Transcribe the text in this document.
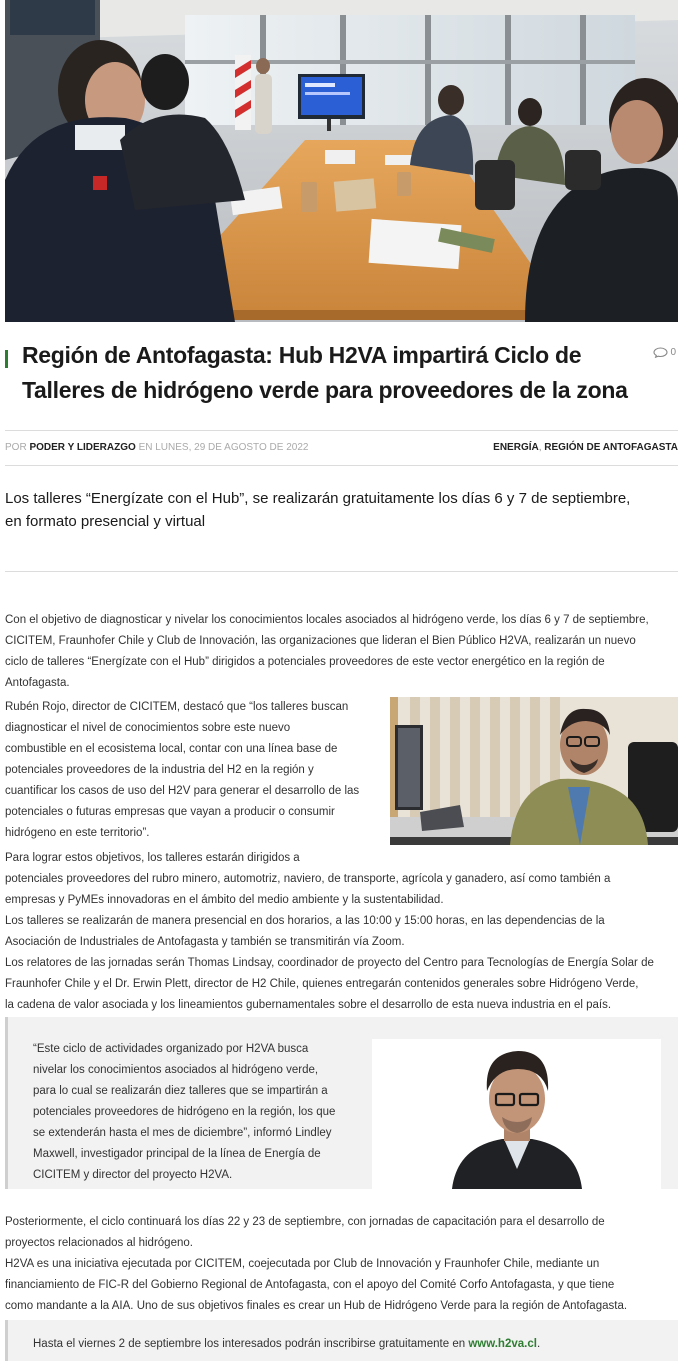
Región de Antofagasta: Hub H2VA impartirá Ciclo de
Talleres de hidrógeno verde para proveedores de la zona
0
POR PODER Y LIDERAZGO EN LUNES, 29 DE AGOSTO DE 2022	ENERGÍA, REGIÓN DE ANTOFAGASTA
Los talleres “Energízate con el Hub”, se realizarán gratuitamente los días 6 y 7 de septiembre,
en formato presencial y virtual
Con el objetivo de diagnosticar y nivelar los conocimientos locales asociados al hidrógeno verde, los días 6 y 7 de septiembre,
CICITEM, Fraunhofer Chile y Club de Innovación, las organizaciones que lideran el Bien Público H2VA, realizarán un nuevo
ciclo de talleres “Energízate con el Hub” dirigidos a potenciales proveedores de este vector energético en la región de
Antofagasta.
Rubén Rojo, director de CICITEM, destacó que “los talleres buscan
diagnosticar el nivel de conocimientos sobre este nuevo
combustible en el ecosistema local, contar con una línea base de
potenciales proveedores de la industria del H2 en la región y
cuantificar los casos de uso del H2V para generar el desarrollo de las
potenciales o futuras empresas que vayan a producir o consumir
hidrógeno en este territorio”.
Para lograr estos objetivos, los talleres estarán dirigidos a
potenciales proveedores del rubro minero, automotriz, naviero, de transporte, agrícola y ganadero, así como también a
empresas y PyMEs innovadoras en el ámbito del medio ambiente y la sustentabilidad.
Los talleres se realizarán de manera presencial en dos horarios, a las 10:00 y 15:00 horas, en las dependencias de la
Asociación de Industriales de Antofagasta y también se transmitirán vía Zoom.
Los relatores de las jornadas serán Thomas Lindsay, coordinador de proyecto del Centro para Tecnologías de Energía Solar de
Fraunhofer Chile y el Dr. Erwin Plett, director de H2 Chile, quienes entregarán contenidos generales sobre Hidrógeno Verde,
la cadena de valor asociada y los lineamientos gubernamentales sobre el desarrollo de esta nueva industria en el país.
“Este ciclo de actividades organizado por H2VA busca
nivelar los conocimientos asociados al hidrógeno verde,
para lo cual se realizarán diez talleres que se impartirán a
potenciales proveedores de hidrógeno en la región, los que
se extenderán hasta el mes de diciembre”, informó Lindley
Maxwell, investigador principal de la línea de Energía de
CICITEM y director del proyecto H2VA.
Posteriormente, el ciclo continuará los días 22 y 23 de septiembre, con jornadas de capacitación para el desarrollo de
proyectos relacionados al hidrógeno.
H2VA es una iniciativa ejecutada por CICITEM, coejecutada por Club de Innovación y Fraunhofer Chile, mediante un
financiamiento de FIC-R del Gobierno Regional de Antofagasta, con el apoyo del Comité Corfo Antofagasta, y que tiene
como mandante a la AIA. Uno de sus objetivos finales es crear un Hub de Hidrógeno Verde para la región de Antofagasta.
Hasta el viernes 2 de septiembre los interesados podrán inscribirse gratuitamente en www.h2va.cl.
